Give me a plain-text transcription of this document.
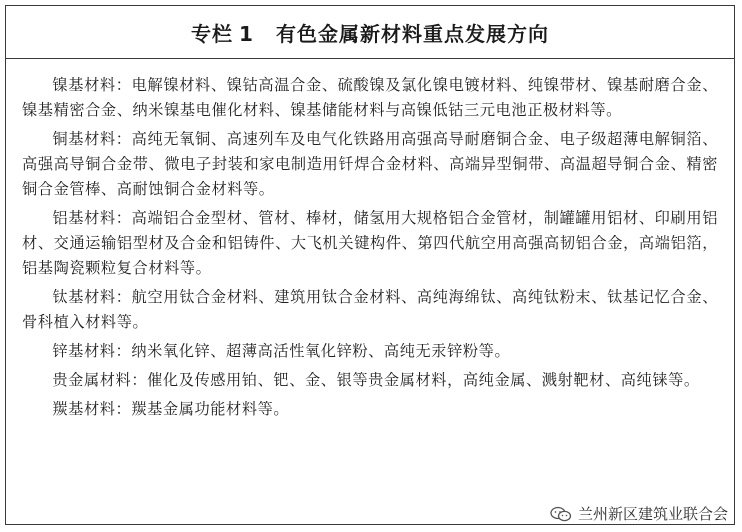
专栏 1 有色金属新材料重点发展方向

镍基材料：电解镍材料、镍钴高温合金、硫酸镍及氯化镍电镀材料、纯镍带材、镍基耐磨合金、镍基精密合金、纳米镍基电催化材料、镍基储能材料与高镍低钴三元电池正极材料等。

铜基材料：高纯无氧铜、高速列车及电气化铁路用高强高导耐磨铜合金、电子级超薄电解铜箔、高强高导铜合金带、微电子封装和家电制造用钎焊合金材料、高端异型铜带、高温超导铜合金、精密铜合金管棒、高耐蚀铜合金材料等。

铝基材料：高端铝合金型材、管材、棒材，储氢用大规格铝合金管材，制罐罐用铝材、印刷用铝材、交通运输铝型材及合金和铝铸件、大飞机关键构件、第四代航空用高强高韧铝合金，高端铝箔，铝基陶瓷颗粒复合材料等。

钛基材料：航空用钛合金材料、建筑用钛合金材料、高纯海绵钛、高纯钛粉末、钛基记忆合金、骨科植入材料等。

锌基材料：纳米氧化锌、超薄高活性氧化锌粉、高纯无汞锌粉等。

贵金属材料：催化及传感用铂、钯、金、银等贵金属材料，高纯金属、溅射靶材、高纯铼等。

羰基材料：羰基金属功能材料等。

兰州新区建筑业联合会
